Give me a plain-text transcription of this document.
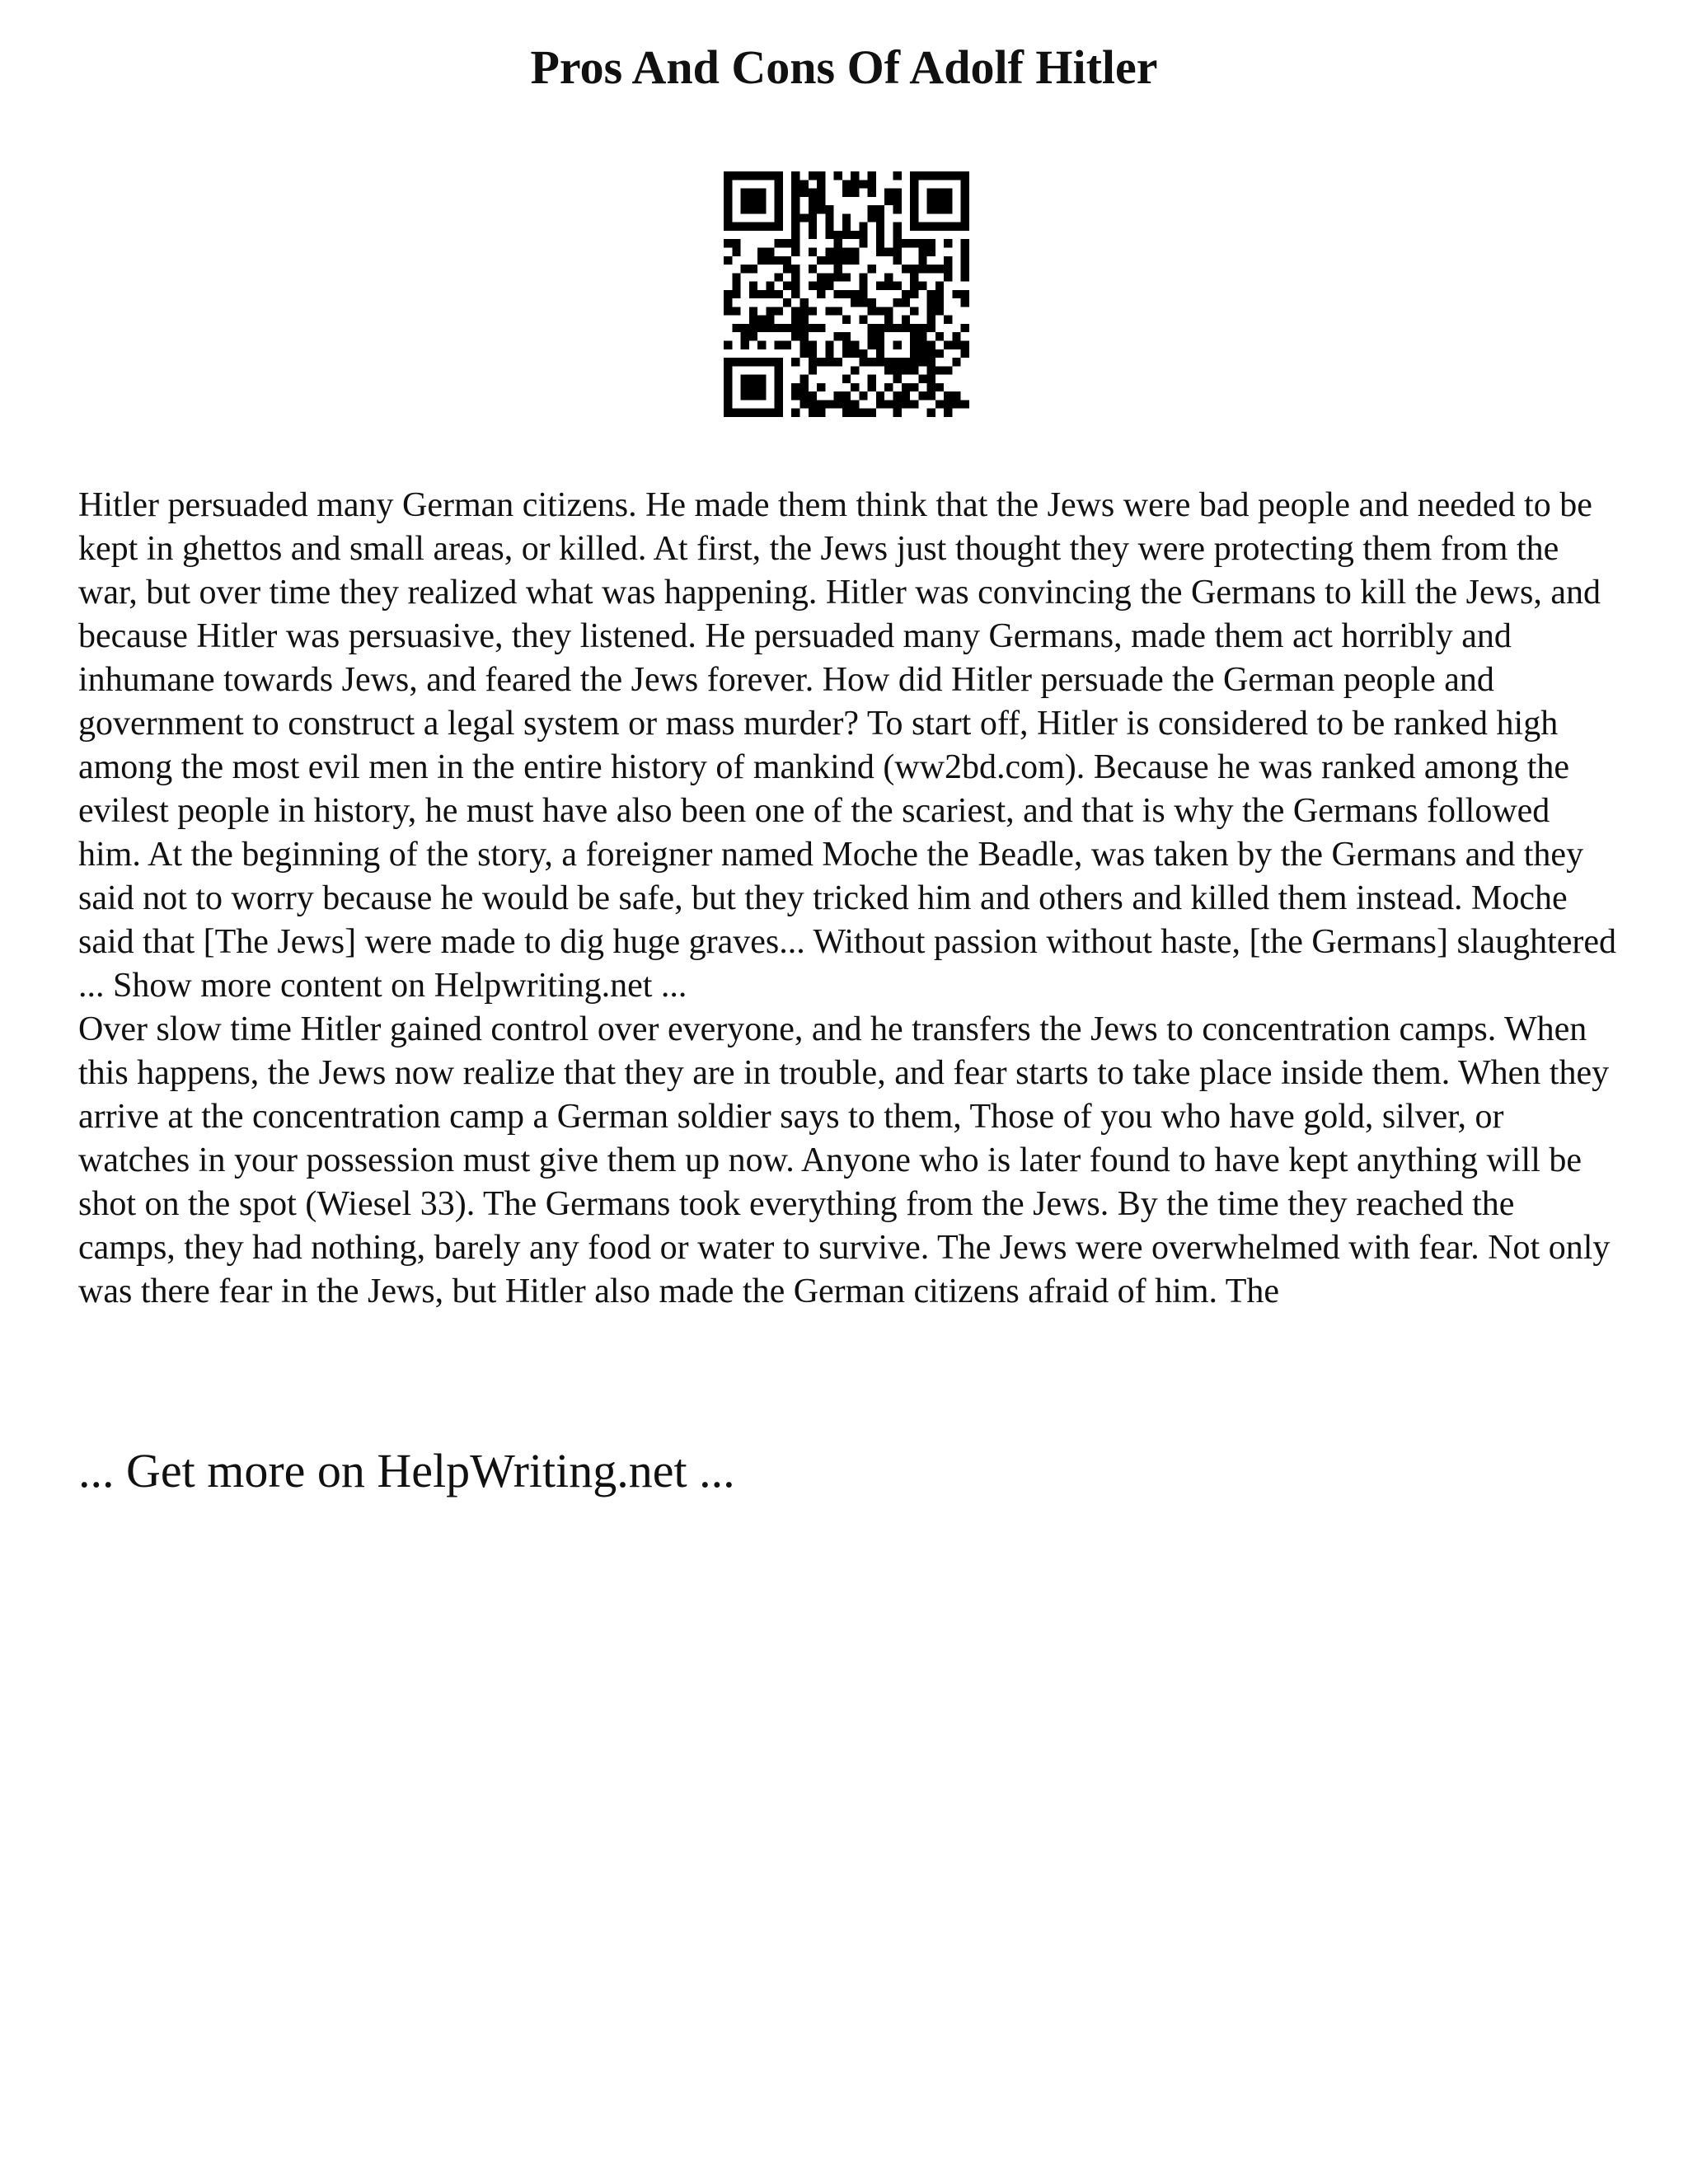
Pros And Cons Of Adolf Hitler

Hitler persuaded many German citizens. He made them think that the Jews were bad people and needed to be kept in ghettos and small areas, or killed. At first, the Jews just thought they were protecting them from the war, but over time they realized what was happening. Hitler was convincing the Germans to kill the Jews, and because Hitler was persuasive, they listened. He persuaded many Germans, made them act horribly and inhumane towards Jews, and feared the Jews forever. How did Hitler persuade the German people and government to construct a legal system or mass murder? To start off, Hitler is considered to be ranked high among the most evil men in the entire history of mankind (ww2bd.com). Because he was ranked among the evilest people in history, he must have also been one of the scariest, and that is why the Germans followed him. At the beginning of the story, a foreigner named Moche the Beadle, was taken by the Germans and they said not to worry because he would be safe, but they tricked him and others and killed them instead. Moche said that [The Jews] were made to dig huge graves... Without passion without haste, [the Germans] slaughtered ... Show more content on Helpwriting.net ...

Over slow time Hitler gained control over everyone, and he transfers the Jews to concentration camps. When this happens, the Jews now realize that they are in trouble, and fear starts to take place inside them. When they arrive at the concentration camp a German soldier says to them, Those of you who have gold, silver, or watches in your possession must give them up now. Anyone who is later found to have kept anything will be shot on the spot (Wiesel 33). The Germans took everything from the Jews. By the time they reached the camps, they had nothing, barely any food or water to survive. The Jews were overwhelmed with fear. Not only was there fear in the Jews, but Hitler also made the German citizens afraid of him. The

... Get more on HelpWriting.net ...
